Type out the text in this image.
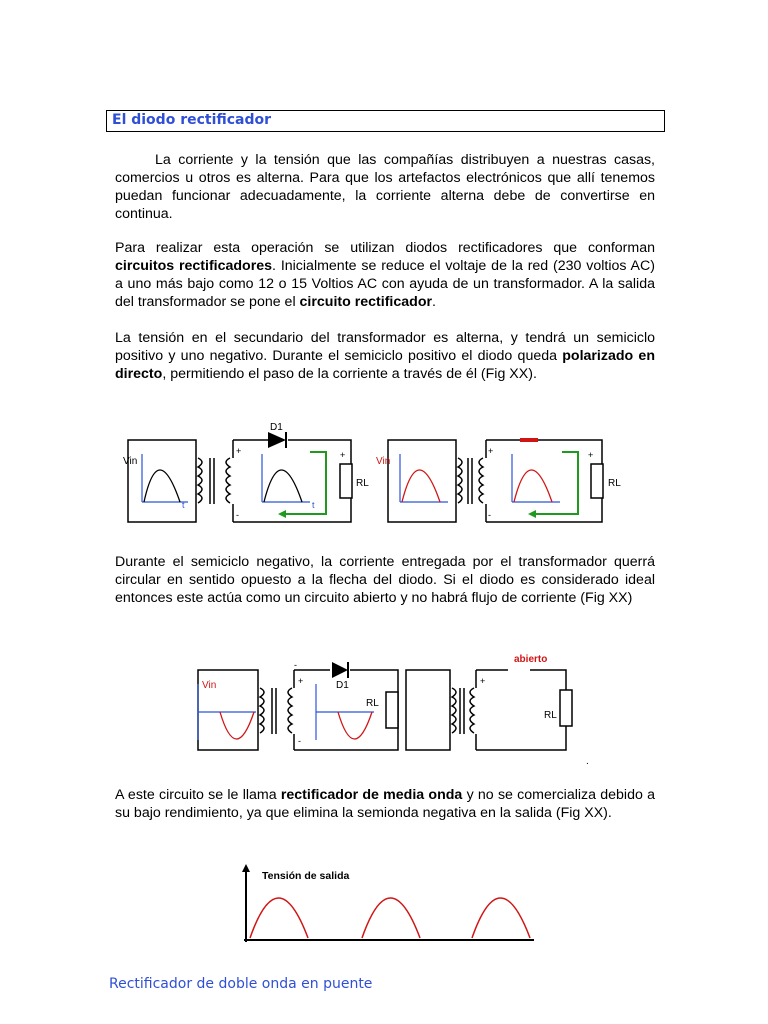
El diodo rectificador
La corriente y la tensión que las compañías distribuyen a nuestras casas, comercios u otros es alterna. Para que los artefactos electrónicos que allí tenemos puedan funcionar adecuadamente, la corriente alterna debe de convertirse en continua.
Para realizar esta operación se utilizan diodos rectificadores que conforman circuitos rectificadores. Inicialmente se reduce el voltaje de la red (230 voltios AC) a uno más bajo como 12 o 15 Voltios AC con ayuda de un transformador. A la salida del transformador se pone el circuito rectificador.
La tensión en el secundario del transformador es alterna, y tendrá un semiciclo positivo y uno negativo. Durante el semiciclo positivo el diodo queda polarizado en directo, permitiendo el paso de la corriente a través de él (Fig XX).
Vin
t	t
D1
RL
+
-
+
Vin
RL
+
+
-
Durante el semiciclo negativo, la corriente entregada por el transformador querrá circular en sentido opuesto a la flecha del diodo. Si el diodo es considerado ideal entonces este actúa como un circuito abierto y no habrá flujo de corriente (Fig XX)
Vin	D1
RL
RL
abierto
+
-
-
+
.
A este circuito se le llama rectificador de media onda y no se comercializa debido a su bajo rendimiento, ya que elimina la semionda negativa en la salida (Fig XX).
Tensión de salida
Rectificador de doble onda en puente
